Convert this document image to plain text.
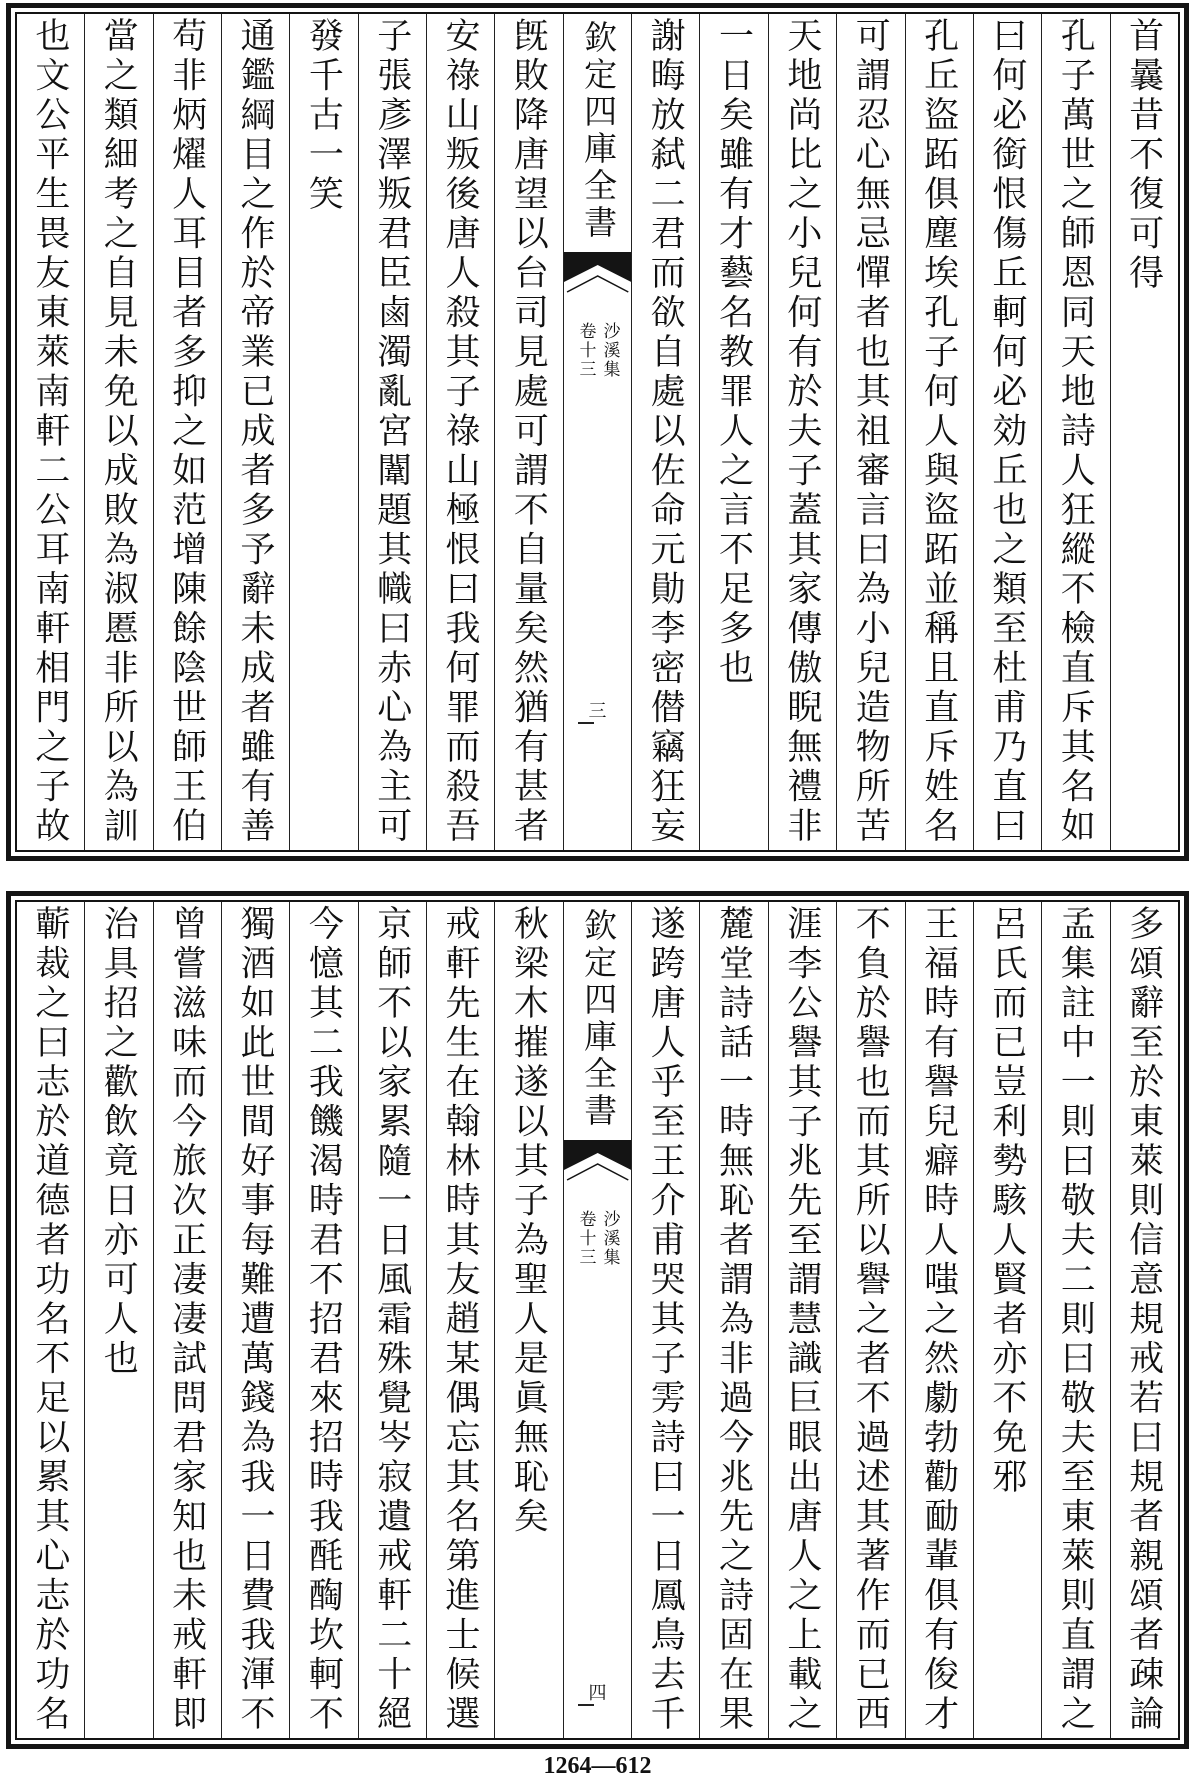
首曩昔不復可得
孔子萬世之師恩同天地詩人狂縱不檢直斥其名如
曰何必銜恨傷丘軻何必効丘也之類至杜甫乃直曰
孔丘盜跖俱塵埃孔子何人與盜跖並稱且直斥姓名
可謂忍心無忌憚者也其祖審言曰為小兒造物所苦
天地尚比之小兒何有於夫子蓋其家傳傲睨無禮非
一日矣雖有才藝名教罪人之言不足多也
謝晦放弑二君而欲自處以佐命元勛李密僣竊狂妄
欽定四庫全書
沙溪集
卷十三
三
旣敗降唐望以台司見處可謂不自量矣然猶有甚者
安祿山叛後唐人殺其子祿山極恨曰我何罪而殺吾
子張彥澤叛君臣鹵濁亂宮闈題其幟曰赤心為主可
發千古一笑
通鑑綱目之作於帝業已成者多予辭未成者雖有善
苟非炳燿人耳目者多抑之如范增陳餘陰世師王伯
當之類細考之自見未免以成敗為淑慝非所以為訓
也文公平生畏友東萊南軒二公耳南軒相門之子故
多頌辭至於東萊則信意規戒若曰規者親頌者疎論
孟集註中一則曰敬夫二則曰敬夫至東萊則直謂之
呂氏而已豈利勢駭人賢者亦不免邪
王福時有譽兒癖時人嗤之然勮勃勸勔輩俱有俊才
不負於譽也而其所以譽之者不過述其著作而已西
涯李公譽其子兆先至謂慧識巨眼出唐人之上載之
麓堂詩話一時無恥者謂為非過今兆先之詩固在果
遂跨唐人乎至王介甫哭其子雱詩曰一日鳳鳥去千
欽定四庫全書
沙溪集
卷十三
四
秋梁木摧遂以其子為聖人是眞無恥矣
戒軒先生在翰林時其友趙某偶忘其名第進士候選
京師不以家累隨一日風霜殊覺岑寂遺戒軒二十絕
今憶其二我饑渴時君不招君來招時我酕醄坎軻不
獨酒如此世間好事每難遭萬錢為我一日費我渾不
曾嘗滋味而今旅次正凄凄試問君家知也未戒軒即
治具招之歡飲竟日亦可人也
蘄裁之曰志於道德者功名不足以累其心志於功名
1264—612
